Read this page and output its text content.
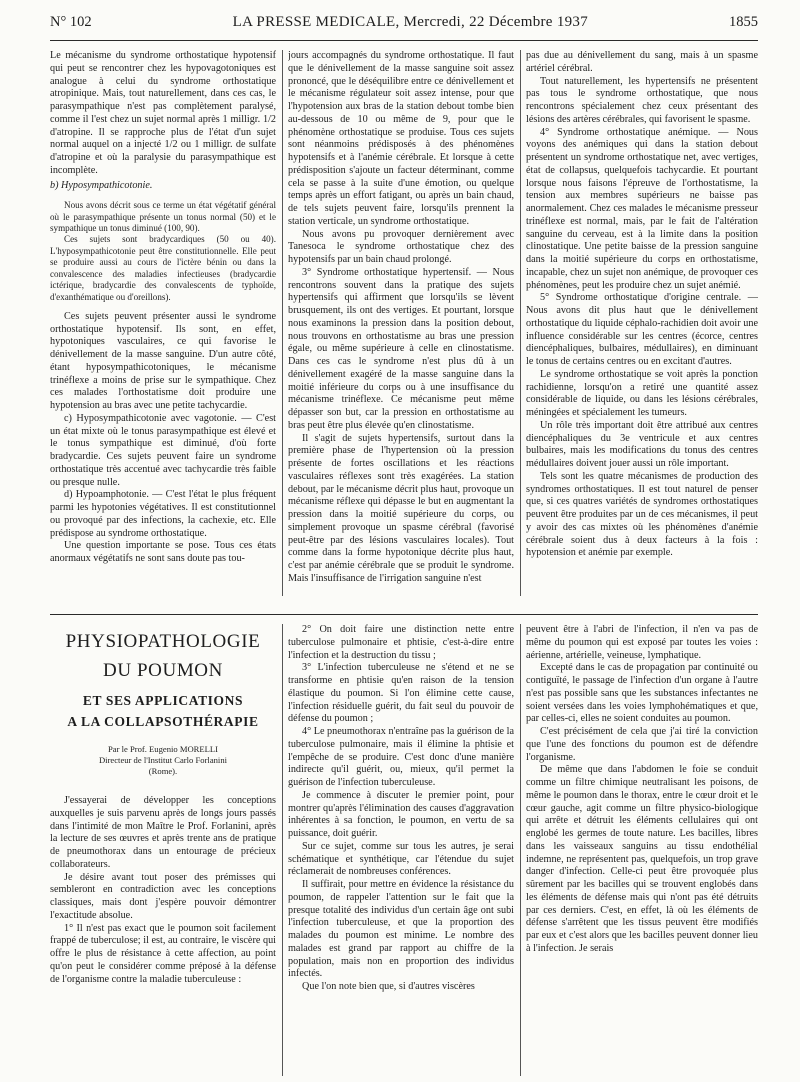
N° 102	LA PRESSE MEDICALE, Mercredi, 22 Décembre 1937	1855

Le mécanisme du syndrome orthostatique hypotensif qui peut se rencontrer chez les hypovagotoniques est analogue à celui du syndrome orthostatique atropinique. Mais, tout naturellement, dans ces cas, le parasympathique n'est pas complètement paralysé, comme il l'est chez un sujet normal après 1 milligr. 1/2 d'atropine. Il se rapproche plus de l'état d'un sujet normal auquel on a injecté 1/2 ou 1 milligr. de sulfate d'atropine et où la paralysie du parasympathique est incomplète.

b) Hyposympathicotonie.

Nous avons décrit sous ce terme un état végétatif général où le parasympathique présente un tonus normal (50) et le sympathique un tonus diminué (100, 90).

Ces sujets sont bradycardiques (50 ou 40). L'hyposympathicotonie peut être constitutionnelle. Elle peut se produire aussi au cours de l'ictère bénin ou dans la convalescence des maladies infectieuses (bradycardie ictérique, bradycardie des convalescents de typhoïde, d'exanthématique ou d'oreillons).

Ces sujets peuvent présenter aussi le syndrome orthostatique hypotensif. Ils sont, en effet, hypotoniques vasculaires, ce qui favorise le dénivellement de la masse sanguine. D'un autre côté, étant hyposympathicotoniques, le mécanisme trinéflexe a moins de prise sur le sympathique. Chez ces malades l'orthostatisme doit produire une hypotension au bras avec une petite tachycardie.

c) Hyposympathicotonie avec vagotonie. — C'est un état mixte où le tonus parasympathique est élevé et le tonus sympathique est diminué, d'où forte bradycardie. Ces sujets peuvent faire un syndrome orthostatique très accentué avec tachycardie très faible ou presque nulle.

d) Hypoamphotonie. — C'est l'état le plus fréquent parmi les hypotonies végétatives. Il est constitutionnel ou provoqué par des infections, la cachexie, etc. Elle prédispose au syndrome orthostatique.

Une question importante se pose. Tous ces états anormaux végétatifs ne sont sans doute pas tou-

jours accompagnés du syndrome orthostatique. Il faut que le dénivellement de la masse sanguine soit assez prononcé, que le déséquilibre entre ce dénivellement et le mécanisme régulateur soit assez intense, pour que l'hypotension aux bras de la station debout tombe bien au-dessous de 10 ou même de 9, pour que le phénomène orthostatique se produise. Tous ces sujets sont néanmoins prédisposés à des phénomènes hypotensifs et à l'anémie cérébrale. Et lorsque à cette prédisposition s'ajoute un facteur déterminant, comme cela se passe à la suite d'une émotion, ou quelque temps après un effort fatigant, ou après un bain chaud, de tels sujets peuvent faire, lorsqu'ils prennent la station verticale, un syndrome orthostatique.

Nous avons pu provoquer dernièrement avec Tanesoca le syndrome orthostatique chez des hypotensifs par un bain chaud prolongé.

3° Syndrome orthostatique hypertensif. — Nous rencontrons souvent dans la pratique des sujets hypertensifs qui affirment que lorsqu'ils se lèvent brusquement, ils ont des vertiges. Et pourtant, lorsque nous examinons la pression dans la position debout, nous trouvons en orthostatisme au bras une pression égale, ou même supérieure à celle en clinostatisme. Dans ces cas le syndrome n'est plus dû à un dénivellement exagéré de la masse sanguine dans la moitié inférieure du corps ou à une insuffisance du mécanisme trinéflexe. Ce mécanisme peut même dépasser son but, car la pression en orthostatisme au bras peut être plus élevée qu'en clinostatisme.

Il s'agit de sujets hypertensifs, surtout dans la première phase de l'hypertension où la pression présente de fortes oscillations et les réactions vasculaires réflexes sont très exagérées. La station debout, par le mécanisme décrit plus haut, provoque un mécanisme réflexe qui dépasse le but en augmentant la pression dans la moitié supérieure du corps, ou simplement provoque un spasme cérébral (favorisé peut-être par des lésions vasculaires locales). Tout comme dans la forme hypotonique décrite plus haut, c'est par anémie cérébrale que se produit le syndrome. Mais l'insuffisance de l'irrigation sanguine n'est

pas due au dénivellement du sang, mais à un spasme artériel cérébral.

Tout naturellement, les hypertensifs ne présentent pas tous le syndrome orthostatique, que nous rencontrons spécialement chez ceux présentant des lésions des artères cérébrales, qui favorisent le spasme.

4° Syndrome orthostatique anémique. — Nous voyons des anémiques qui dans la station debout présentent un syndrome orthostatique net, avec vertiges, état de collapsus, quelquefois tachycardie. Et pourtant lorsque nous faisons l'épreuve de l'orthostatisme, la tension aux membres supérieurs ne baisse pas anormalement. Chez ces malades le mécanisme presseur trinéflexe est normal, mais, par le fait de l'altération sanguine du cerveau, est à la limite dans la position clinostatique. Une petite baisse de la pression sanguine dans la moitié supérieure du corps en orthostatisme, incapable, chez un sujet non anémique, de provoquer ces phénomènes, peut les produire chez un sujet anémié.

5° Syndrome orthostatique d'origine centrale. — Nous avons dit plus haut que le dénivellement orthostatique du liquide céphalo-rachidien doit avoir une influence considérable sur les centres (écorce, centres diencéphaliques, bulbaires, médullaires), en diminuant le tonus de certains centres ou en excitant d'autres.

Le syndrome orthostatique se voit après la ponction rachidienne, lorsqu'on a retiré une quantité assez considérable de liquide, ou dans les lésions cérébrales, méningées et spécialement les tumeurs.

Un rôle très important doit être attribué aux centres diencéphaliques du 3e ventricule et aux centres bulbaires, mais les modifications du tonus des centres médullaires doivent jouer aussi un rôle important.

Tels sont les quatre mécanismes de production des syndromes orthostatiques. Il est tout naturel de penser que, si ces quatres variétés de syndromes orthostatiques peuvent être produites par un de ces mécanismes, il peut y avoir des cas mixtes où les phénomènes d'anémie cérébrale soient dus à deux facteurs à la fois : hypotension et anémie par exemple.

PHYSIOPATHOLOGIE
DU POUMON
ET SES APPLICATIONS
A LA COLLAPSOTHÉRAPIE
Par le Prof. Eugenio MORELLI
Directeur de l'Institut Carlo Forlanini
(Rome).

J'essayerai de développer les conceptions auxquelles je suis parvenu après de longs jours passés dans l'intimité de mon Maître le Prof. Forlanini, après la lecture de ses œuvres et après trente ans de pratique de pneumothorax dans un entourage de précieux collaborateurs.

Je désire avant tout poser des prémisses qui sembleront en contradiction avec les conceptions classiques, mais dont j'espère pouvoir démontrer l'exactitude absolue.

1° Il n'est pas exact que le poumon soit facilement frappé de tuberculose; il est, au contraire, le viscère qui offre le plus de résistance à cette affection, au point qu'on peut le considérer comme préposé à la défense de l'organisme contre la maladie tuberculeuse :

2° On doit faire une distinction nette entre tuberculose pulmonaire et phtisie, c'est-à-dire entre l'infection et la destruction du tissu ;

3° L'infection tuberculeuse ne s'étend et ne se transforme en phtisie qu'en raison de la tension élastique du poumon. Si l'on élimine cette cause, l'infection résiduelle guérit, du fait seul du pouvoir de défense du poumon ;

4° Le pneumothorax n'entraîne pas la guérison de la tuberculose pulmonaire, mais il élimine la phtisie et l'empêche de se produire. C'est donc d'une manière indirecte qu'il guérit, ou, mieux, qu'il permet la guérison de l'infection tuberculeuse.

Je commence à discuter le premier point, pour montrer qu'après l'élimination des causes d'aggravation inhérentes à sa fonction, le poumon, en vertu de sa puissance, doit guérir.

Sur ce sujet, comme sur tous les autres, je serai schématique et synthétique, car l'étendue du sujet réclamerait de nombreuses conférences.

Il suffirait, pour mettre en évidence la résistance du poumon, de rappeler l'attention sur le fait que la presque totalité des individus d'un certain âge ont subi l'infection tuberculeuse, et que la proportion des malades du poumon est minime. Le nombre des malades est grand par rapport au chiffre de la population, mais non en proportion des individus infectés.

Que l'on note bien que, si d'autres viscères

peuvent être à l'abri de l'infection, il n'en va pas de même du poumon qui est exposé par toutes les voies : aérienne, artérielle, veineuse, lymphatique.

Excepté dans le cas de propagation par continuité ou contiguïté, le passage de l'infection d'un organe à l'autre n'est pas possible sans que les substances infectantes ne soient versées dans les voies lymphohématiques et que, par celles-ci, elles ne soient conduites au poumon.

C'est précisément de cela que j'ai tiré la conviction que l'une des fonctions du poumon est de défendre l'organisme.

De même que dans l'abdomen le foie se conduit comme un filtre chimique neutralisant les poisons, de même le poumon dans le thorax, entre le cœur droit et le cœur gauche, agit comme un filtre physico-biologique qui arrête et détruit les éléments cellulaires qui ont englobé les germes de toute nature. Les bacilles, libres dans les vaisseaux sanguins au tissu endothélial indemne, ne représentent pas, quelquefois, un trop grave danger d'infection. Celle-ci peut être provoquée plus sûrement par les bacilles qui se trouvent englobés dans les éléments de défense mais qui n'ont pas été détruits par ces derniers. C'est, en effet, là où les éléments de défense s'arrêtent que les tissus peuvent être modifiés par eux et c'est alors que les bacilles peuvent donner lieu à l'infection. Je serais
